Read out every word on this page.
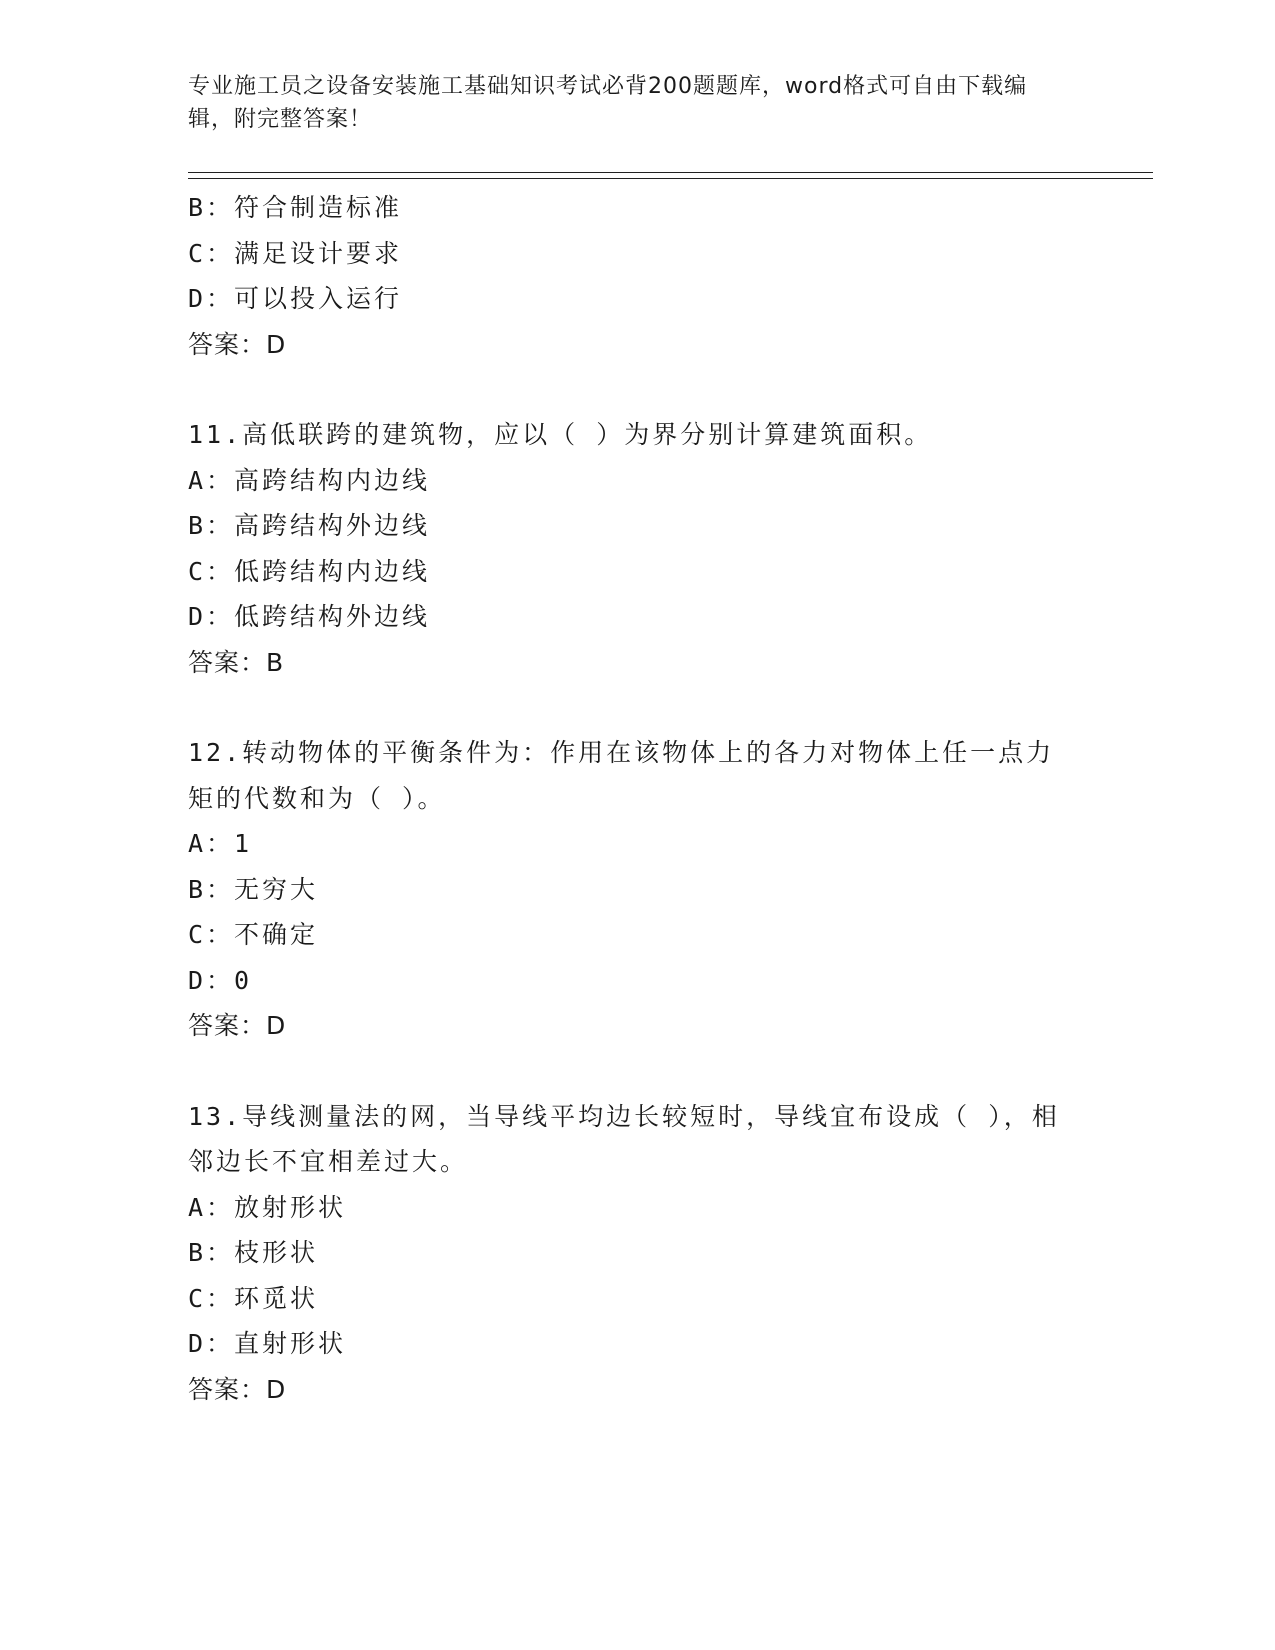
专业施工员之设备安装施工基础知识考试必背200题题库，word格式可自由下载编辑，附完整答案！

B：符合制造标准
C：满足设计要求
D：可以投入运行
答案：D
11.高低联跨的建筑物，应以（ ）为界分别计算建筑面积。
A：高跨结构内边线
B：高跨结构外边线
C：低跨结构内边线
D：低跨结构外边线
答案：B
12.转动物体的平衡条件为：作用在该物体上的各力对物体上任一点力矩的代数和为（ ）。
A：1
B：无穷大
C：不确定
D：0
答案：D
13.导线测量法的网，当导线平均边长较短时，导线宜布设成（ ），相邻边长不宜相差过大。
A：放射形状
B：枝形状
C：环觅状
D：直射形状
答案：D
